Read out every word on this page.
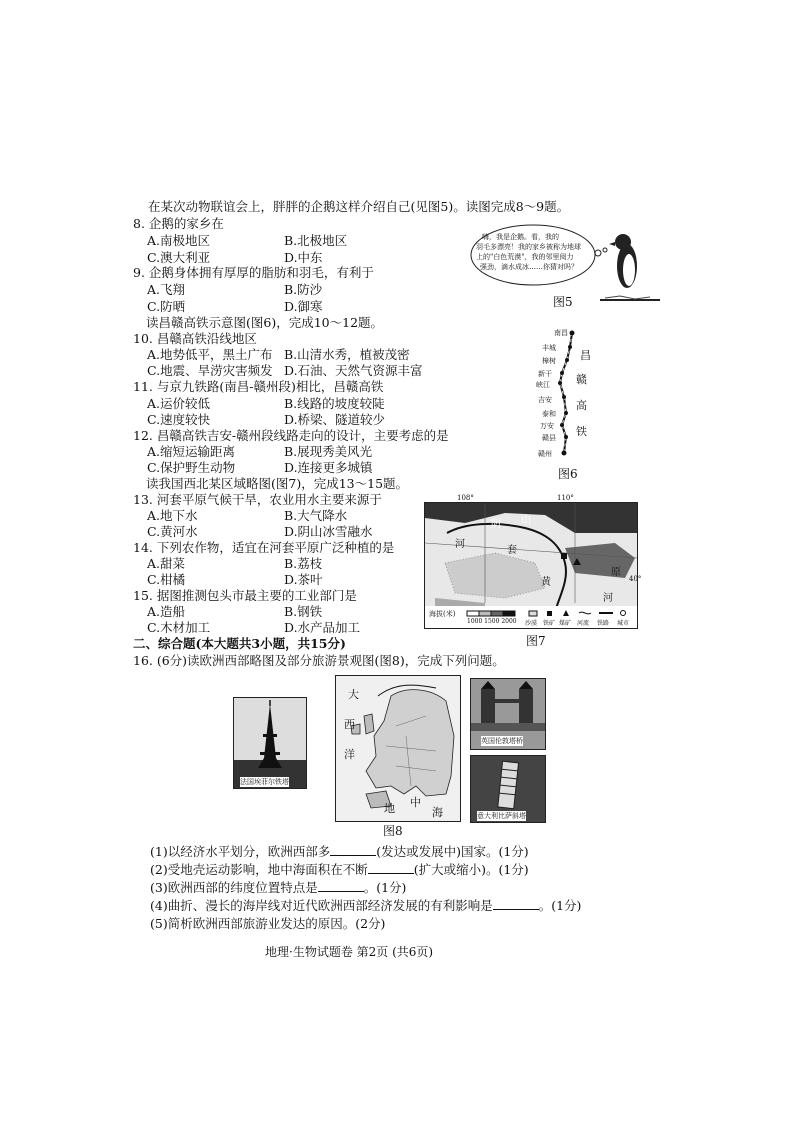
在某次动物联谊会上，胖胖的企鹅这样介绍自己(见图5)。读图完成8～9题。
8. 企鹅的家乡在
A.南极地区	B.北极地区
C.澳大利亚	D.中东
9. 企鹅身体拥有厚厚的脂肪和羽毛，有利于
A.飞翔	B.防沙
C.防晒	D.御寒
嗨，我是企鹅。看，我的
羽毛多漂亮！我的家乡被称为地球
上的"白色荒漠"，我的邻里阅力
强劲，滴水成冰……你猜对吗？
图5
读昌赣高铁示意图(图6)，完成10～12题。
10. 昌赣高铁沿线地区
A.地势低平，黑土广布 B.山清水秀，植被茂密
C.地震、旱涝灾害频发 D.石油、天然气资源丰富
11. 与京九铁路(南昌-赣州段)相比，昌赣高铁
A.运价较低	B.线路的坡度较陡
C.速度较快	D.桥梁、隧道较少
12. 昌赣高铁吉安-赣州段线路走向的设计，主要考虑的是
A.缩短运输距离	B.展现秀美风光
C.保护野生动物	D.连接更多城镇
南昌
丰城
樟树
新干
峡江
吉安
泰和
万安
赣县
赣州
昌
赣
高
铁
图6
读我国西北某区域略图(图7)，完成13～15题。
13. 河套平原气候干旱，农业用水主要来源于
A.地下水	B.大气降水
C.黄河水	D.阴山冰雪融水
14. 下列农作物，适宜在河套平原广泛种植的是
A.甜菜	B.荔枝
C.柑橘	D.茶叶
15. 据图推测包头市最主要的工业部门是
A.造船	B.钢铁
C.木材加工	D.水产品加工
108°	110°
40°
阴 山
河
套
黄
原
河
海拔(米)
1000 1500 2000 沙漠 铁矿 煤矿 河流 铁路 城市
图7
二、综合题(本大题共3小题，共15分)
16. (6分)读欧洲西部略图及部分旅游景观图(图8)，完成下列问题。
法国埃菲尔铁塔
大
西
洋
地 中
海
英国伦敦塔桥
意大利比萨斜塔
图8
(1)以经济水平划分，欧洲西部多	(发达或发展中)国家。(1分)
(2)受地壳运动影响，地中海面积在不断	(扩大或缩小)。(1分)
(3)欧洲西部的纬度位置特点是	。(1分)
(4)曲折、漫长的海岸线对近代欧洲西部经济发展的有利影响是	。(1分)
(5)简析欧洲西部旅游业发达的原因。(2分)
地理·生物试题卷 第2页 (共6页)
